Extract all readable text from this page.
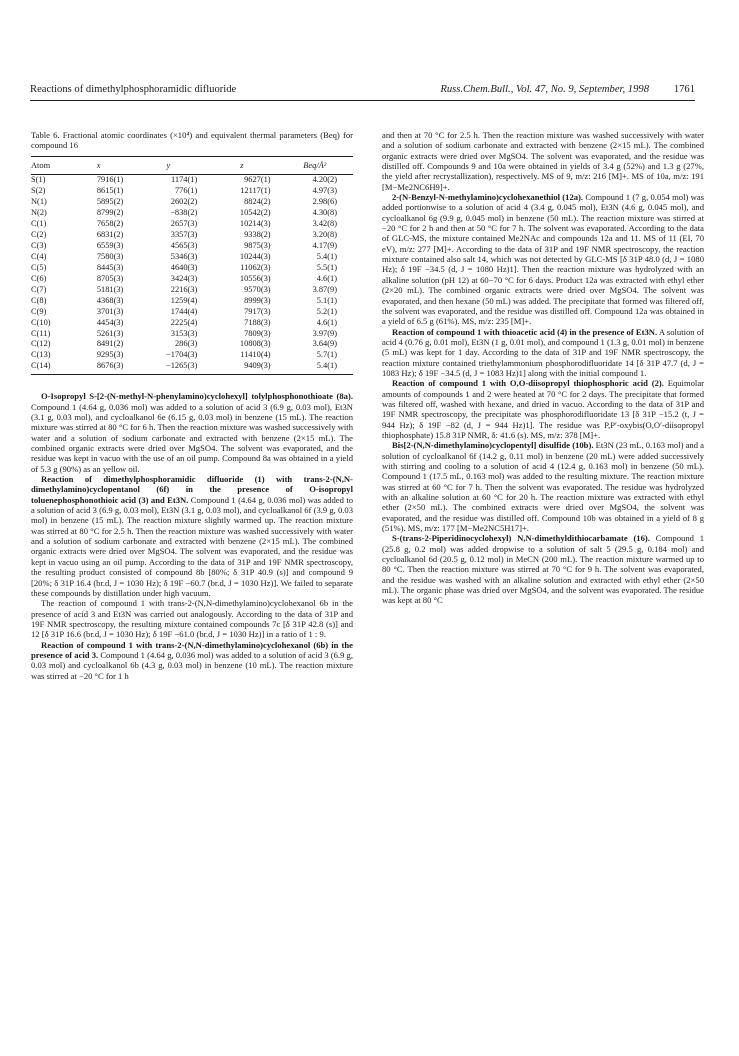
Reactions of dimethylphosphoramidic difluoride	Russ.Chem.Bull., Vol. 47, No. 9, September, 1998 1761
Table 6. Fractional atomic coordinates (×10⁴) and equivalent thermal parameters (Beq) for compound 16
Atom	x	y	z	Beq/Å²
S(1)	7916(1)	1174(1)	9627(1)	4.20(2)
S(2)	8615(1)	776(1)	12117(1)	4.97(3)
N(1)	5895(2)	2602(2)	8824(2)	2.98(6)
N(2)	8799(2)	−838(2)	10542(2)	4.30(8)
C(1)	7658(2)	2657(3)	10214(3)	3.42(8)
C(2)	6831(2)	3357(3)	9338(2)	3.20(8)
C(3)	6559(3)	4565(3)	9875(3)	4.17(9)
C(4)	7580(3)	5346(3)	10244(3)	5.4(1)
C(5)	8445(3)	4640(3)	11062(3)	5.5(1)
C(6)	8705(3)	3424(3)	10556(3)	4.6(1)
C(7)	5181(3)	2216(3)	9570(3)	3.87(9)
C(8)	4368(3)	1259(4)	8999(3)	5.1(1)
C(9)	3701(3)	1744(4)	7917(3)	5.2(1)
C(10)	4454(3)	2225(4)	7188(3)	4.6(1)
C(11)	5261(3)	3153(3)	7809(3)	3.97(9)
C(12)	8491(2)	286(3)	10808(3)	3.64(9)
C(13)	9295(3)	−1704(3)	11410(4)	5.7(1)
C(14)	8676(3)	−1265(3)	9409(3)	5.4(1)

O-Isopropyl S-[2-(N-methyl-N-phenylamino)cyclohexyl] tolylphosphonothioate (8a). Compound 1 (4.64 g, 0.036 mol) was added to a solution of acid 3 (6.9 g, 0.03 mol), Et3N (3.1 g, 0.03 mol), and cycloalkanol 6e (6.15 g, 0.03 mol) in benzene (15 mL). The reaction mixture was stirred at 80 °C for 6 h. Then the reaction mixture was washed successively with water and a solution of sodium carbonate and extracted with benzene (2×15 mL). The combined organic extracts were dried over MgSO4. The solvent was evaporated, and the residue was kept in vacuo with the use of an oil pump. Compound 8a was obtained in a yield of 5.3 g (90%) as an yellow oil.

Reaction of dimethylphosphoramidic difluoride (1) with trans-2-(N,N-dimethylamino)cyclopentanol (6f) in the presence of O-isopropyl toluenephosphonothioic acid (3) and Et3N. Compound 1 (4.64 g, 0.036 mol) was added to a solution of acid 3 (6.9 g, 0.03 mol), Et3N (3.1 g, 0.03 mol), and cycloalkanol 6f (3.9 g, 0.03 mol) in benzene (15 mL). The reaction mixture slightly warmed up. The reaction mixture was stirred at 80 °C for 2.5 h. Then the reaction mixture was washed successively with water and a solution of sodium carbonate and extracted with benzene (2×15 mL). The combined organic extracts were dried over MgSO4. The solvent was evaporated, and the residue was kept in vacuo using an oil pump. According to the data of 31P and 19F NMR spectroscopy, the resulting product consisted of compound 8b [80%; δ 31P 40.9 (s)] and compound 9 [20%; δ 31P 16.4 (br.d, J = 1030 Hz); δ 19F −60.7 (br.d, J = 1030 Hz)]. We failed to separate these compounds by distillation under high vacuum.

The reaction of compound 1 with trans-2-(N,N-dimethylamino)cyclohexanol 6b in the presence of acid 3 and Et3N was carried out analogously. According to the data of 31P and 19F NMR spectroscopy, the resulting mixture contained compounds 7c [δ 31P 42.8 (s)] and 12 [δ 31P 16.6 (br.d, J = 1030 Hz); δ 19F −61.0 (br.d, J = 1030 Hz)] in a ratio of 1 : 9.

Reaction of compound 1 with trans-2-(N,N-dimethylamino)cyclohexanol (6b) in the presence of acid 3. Compound 1 (4.64 g, 0.036 mol) was added to a solution of acid 3 (6.9 g, 0.03 mol) and cycloalkanol 6b (4.3 g, 0.03 mol) in benzene (10 mL). The reaction mixture was stirred at −20 °C for 1 h

and then at 70 °C for 2.5 h. Then the reaction mixture was washed successively with water and a solution of sodium carbonate and extracted with benzene (2×15 mL). The combined organic extracts were dried over MgSO4. The solvent was evaporated, and the residue was distilled off. Compounds 9 and 10a were obtained in yields of 3.4 g (52%) and 1.3 g (27%, the yield after recrystallization), respectively. MS of 9, m/z: 216 [M]+. MS of 10a, m/z: 191 [M−Me2NC6H9]+.

2-(N-Benzyl-N-methylamino)cyclohexanethiol (12a). Compound 1 (7 g, 0.054 mol) was added portionwise to a solution of acid 4 (3.4 g, 0.045 mol), Et3N (4.6 g, 0.045 mol), and cycloalkanol 6g (9.9 g, 0.045 mol) in benzene (50 mL). The reaction mixture was stirred at −20 °C for 2 h and then at 50 °C for 7 h. The solvent was evaporated. According to the data of GLC-MS, the mixture contained Me2NAc and compounds 12a and 11. MS of 11 (EI, 70 eV), m/z: 277 [M]+. According to the data of 31P and 19F NMR spectroscopy, the reaction mixture contained also salt 14, which was not detected by GLC-MS [δ 31P 48.0 (d, J = 1080 Hz); δ 19F −34.5 (d, J = 1080 Hz)1]. Then the reaction mixture was hydrolyzed with an alkaline solution (pH 12) at 60−70 °C for 6 days. Product 12a was extracted with ethyl ether (2×20 mL). The combined organic extracts were dried over MgSO4. The solvent was evaporated, and then hexane (50 mL) was added. The precipitate that formed was filtered off, the solvent was evaporated, and the residue was distilled off. Compound 12a was obtained in a yield of 6.5 g (61%). MS, m/z: 235 [M]+.

Reaction of compound 1 with thioacetic acid (4) in the presence of Et3N. A solution of acid 4 (0.76 g, 0.01 mol), Et3N (1 g, 0.01 mol), and compound 1 (1.3 g, 0.01 mol) in benzene (5 mL) was kept for 1 day. According to the data of 31P and 19F NMR spectroscopy, the reaction mixture contained triethylammonium phosphorodifluoridate 14 [δ 31P 47.7 (d, J = 1083 Hz); δ 19F −34.5 (d, J = 1083 Hz)1] along with the initial compound 1.

Reaction of compound 1 with O,O-diisopropyl thiophosphoric acid (2). Equimolar amounts of compounds 1 and 2 were heated at 70 °C for 2 days. The precipitate that formed was filtered off, washed with hexane, and dried in vacuo. According to the data of 31P and 19F NMR spectroscopy, the precipitate was phosphorodifluoridate 13 [δ 31P −15.2 (t, J = 944 Hz); δ 19F −82 (d, J = 944 Hz)1]. The residue was P,P′-oxybis(O,O′-diisopropyl thiophosphate) 15.8 31P NMR, δ: 41.6 (s). MS, m/z: 378 [M]+.

Bis[2-(N,N-dimethylamino)cyclopentyl] disulfide (10b). Et3N (23 mL, 0.163 mol) and a solution of cycloalkanol 6f (14.2 g, 0.11 mol) in benzene (20 mL) were added successively with stirring and cooling to a solution of acid 4 (12.4 g, 0.163 mol) in benzene (50 mL). Compound 1 (17.5 mL, 0.163 mol) was added to the resulting mixture. The reaction mixture was stirred at 60 °C for 7 h. Then the solvent was evaporated. The residue was hydrolyzed with an alkaline solution at 60 °C for 20 h. The reaction mixture was extracted with ethyl ether (2×50 mL). The combined extracts were dried over MgSO4, the solvent was evaporated, and the residue was distilled off. Compound 10b was obtained in a yield of 8 g (51%). MS, m/z: 177 [M−Me2NC5H17]+.

S-(trans-2-Piperidinocyclohexyl) N,N-dimethyldithiocarbamate (16). Compound 1 (25.8 g, 0.2 mol) was added dropwise to a solution of salt 5 (29.5 g, 0.184 mol) and cycloalkanol 6d (20.5 g, 0.12 mol) in MeCN (200 mL). The reaction mixture warmed up to 80 °C. Then the reaction mixture was stirred at 70 °C for 9 h. The solvent was evaporated, and the residue was washed with an alkaline solution and extracted with ethyl ether (2×50 mL). The organic phase was dried over MgSO4, and the solvent was evaporated. The residue was kept at 80 °C
